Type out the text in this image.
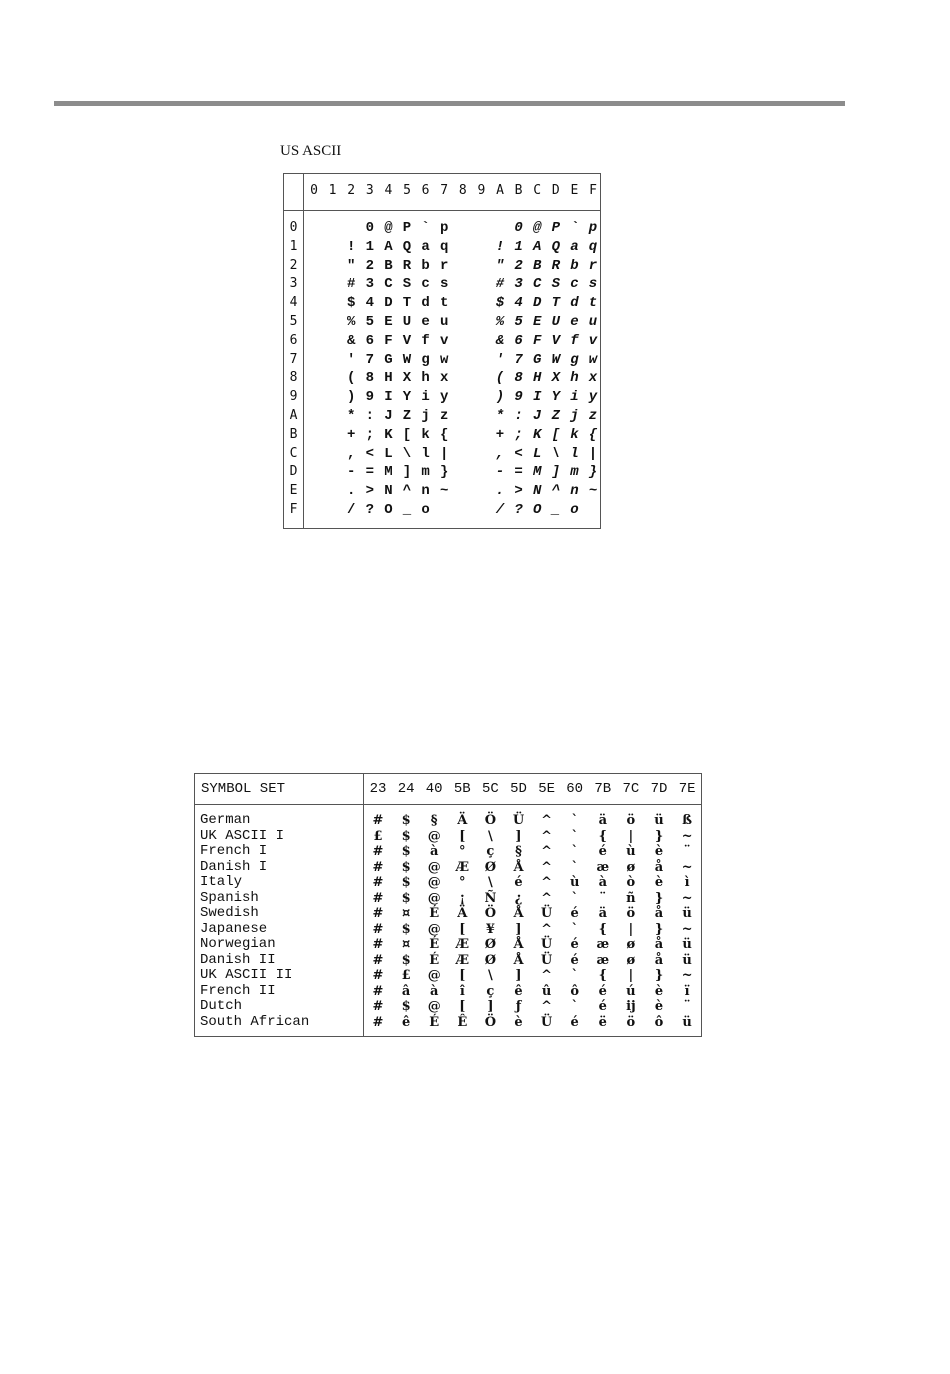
US ASCII
0 1 2 3 4 5 6 7 8 9 A B C D E F
0	0 @ P ` p	0 @ P ` p
1	! 1 A Q a q	! 1 A Q a q
2	" 2 B R b r	" 2 B R b r
3	# 3 C S c s	# 3 C S c s
4	$ 4 D T d t	$ 4 D T d t
5	% 5 E U e u	% 5 E U e u
6	& 6 F V f v	& 6 F V f v
7	' 7 G W g w	' 7 G W g w
8	( 8 H X h x	( 8 H X h x
9	) 9 I Y i y	) 9 I Y i y
A	* : J Z j z	* : J Z j z
B	+ ; K [ k {	+ ; K [ k {
C	, < L \ l |	, < L \ l |
D	- = M ] m }	- = M ] m }
E	. > N ^ n ~	. > N ^ n ~
F	/ ? O _ o	/ ? O _ o
SYMBOL SET	23 24 40 5B 5C 5D 5E 60 7B 7C 7D 7E
German	#	$	§	Ä	Ö	Ü	^	`	ä	ö	ü	ß
UK ASCII I	£	$	@	[	\	]	^	`	{	|	}	~
French I	#	$	à	°	ç	§	^	`	é	ù	è	¨
Danish I	#	$	@	Æ	Ø	Å	^	`	æ	ø	å	~
Italy	#	$	@	°	\	é	^	ù	à	ò	è	ì
Spanish	#	$	@	¡	Ñ	¿	^	`	¨	ñ	}	~
Swedish	#	¤	É	Ä	Ö	Å	Ü	é	ä	ö	å	ü
Japanese	#	$	@	[	¥	]	^	`	{	|	}	~
Norwegian	#	¤	É	Æ	Ø	Å	Ü	é	æ	ø	å	ü
Danish II	#	$	É	Æ	Ø	Å	Ü	é	æ	ø	å	ü
UK ASCII II	#	£	@	[	\	]	^	`	{	|	}	~
French II	#	â	à	î	ç	ê	û	ô	é	ú	è	ï
Dutch	#	$	@	[	]	ƒ	^	`	é	ij	è	¨
South African	#	ê	É	Ê	Ö	è	Ü	é	ë	ö	ô	ü
